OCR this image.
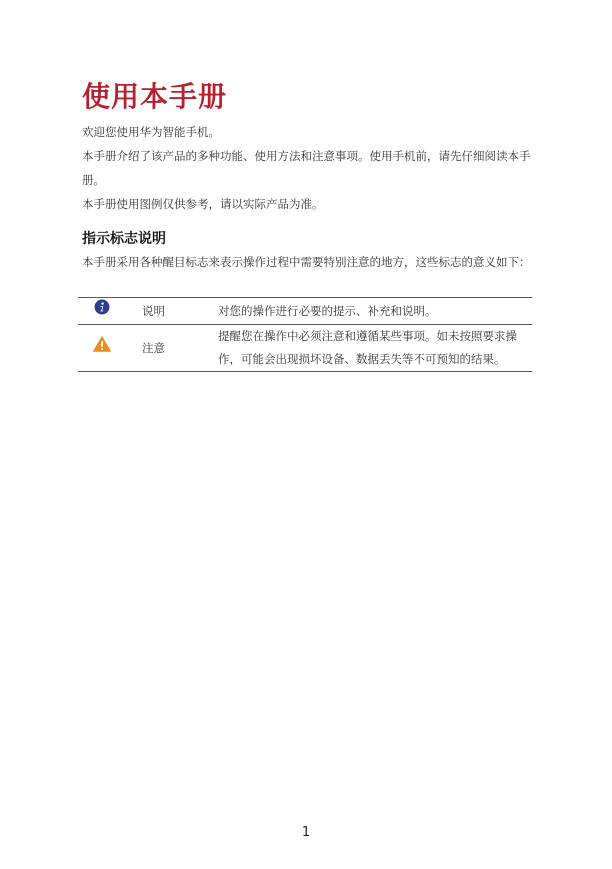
使用本手册

欢迎您使用华为智能手机。

本手册介绍了该产品的多种功能、使用方法和注意事项。使用手机前，请先仔细阅读本手册。

本手册使用图例仅供参考，请以实际产品为准。

指示标志说明

本手册采用各种醒目标志来表示操作过程中需要特别注意的地方，这些标志的意义如下：

	说明	对您的操作进行必要的提示、补充和说明。
	注意	提醒您在操作中必须注意和遵循某些事项。如未按照要求操作，可能会出现损坏设备、数据丢失等不可预知的结果。
1
